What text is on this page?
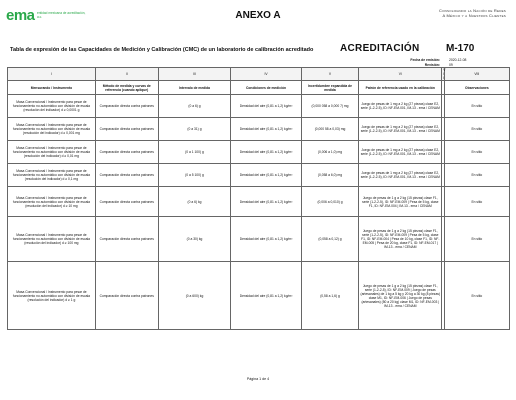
ema entidad mexicana de acreditación, a.c.	ANEXO A	Consolidando la Nación de Redes
A México y a Nuestros Clientes
Tabla de expresión de las Capacidades de Medición y Calibración (CMC) de un laboratorio de calibración acreditado	ACREDITACIÓN	M-170
Fecha de emisión:
Revisión:
2020-12-08
09
I	II	III	IV	V	VI	VII	VIII
Mensurando / Instrumento	Método de medida y curvas de referencia (cuando aplique)	Intervalo de medida	Condiciones de medición	Incertidumbre expandida de medida	Patrón de referencia usado en la calibración		Observaciones
Masa Convencional / Instrumento para pesar de funcionamiento no automático con división de escala (resolución del indicador) d ≥ 0,0001 g	Comparación directa contra patrones	(0 a 6) g	Densidad del aire (0,81 a 1,2) kg/m³	(0,000 058 a 0,000 7) mg	Juego de pesas de 1 mg a 2 kg (27 piezas) clase E2, serie (1-2-2-5), ID: NF-EM-001, IM-13 - ema / CENAM		En sitio
Masa Convencional / Instrumento para pesar de funcionamiento no automático con división de escala (resolución del indicador) d ≥ 0,001 mg	Comparación directa contra patrones	(0 a 31) g	Densidad del aire (0,81 a 1,2) kg/m³	(0,000 58 a 0,03) mg	Juego de pesas de 1 mg a 2 kg (27 piezas) clase E2, serie (1-2-2-5), ID: NF-EM-001, IM-13 - ema / CENAM		En sitio
Masa Convencional / Instrumento para pesar de funcionamiento no automático con división de escala (resolución del indicador) d ≥ 0,01 mg	Comparación directa contra patrones	(0 a 1 100) g	Densidad del aire (0,81 a 1,2) kg/m³	(0,006 a 1,0) mg	Juego de pesas de 1 mg a 2 kg (27 piezas) clase E2, serie (1-2-2-5), ID: NF-EM-001, IM-13 - ema / CENAM		En sitio
Masa Convencional / Instrumento para pesar de funcionamiento no automático con división de escala (resolución del indicador) d ≥ 0,1 mg	Comparación directa contra patrones	(0 a 5 100) g	Densidad del aire (0,81 a 1,2) kg/m³	(0,058 a 6,0) mg	Juego de pesas de 1 mg a 2 kg (27 piezas) clase E2, serie (1-2-2-5), ID: NF-EM-001, IM-13 - ema / CENAM		En sitio
Masa Convencional / Instrumento para pesar de funcionamiento no automático con división de escala (resolución del indicador) d ≥ 10 mg	Comparación directa contra patrones	(0 a 6) kg	Densidad del aire (0,81 a 1,2) kg/m³	(0,006 a 0,010) g	Juego de pesas de 1 g a 2 kg (15 piezas) clase F1, serie (1-2-2-5), ID: NF-EM-009 | Pesa de 5 kg, clase F1, ID: NF-EM-004 | IM-13 - ema / CENAM		En sitio
Masa Convencional / Instrumento para pesar de funcionamiento no automático con división de escala (resolución del indicador) d ≥ 100 mg	Comparación directa contra patrones	(0 a 30) kg	Densidad del aire (0,81 a 1,2) kg/m³	(0,058 a 0,12) g	Juego de pesas de 1 g a 2 kg (15 piezas) clase F1, serie (1-2-2-5), ID: NF-EM-009 | Pesa de 5 kg, clase F1, ID: NF-EM-004 | Pesa de 10 kg, clase F1, ID: NF-EM-005 | Pesa de 20 kg, clase F1, ID: NF-EM-017 | IM-13 - ema / CENAM		En sitio
Masa Convencional / Instrumento para pesar de funcionamiento no automático con división de escala (resolución del indicador) d ≥ 1 g	Comparación directa contra patrones	(0 a 600) kg	Densidad del aire (0,81 a 1,2) kg/m³	(0,58 a 1,6) g	Juego de pesas de 1 g a 2 kg (15 piezas) clase F1, serie (1-2-2-5), ID: NF-EM-009 | Juego de pesas (artesanales) de 1 kg a 5 kg y 20 kg a 30 kg (8 piezas) clase M1, ID: NF-EM-006 | Juego de pesas (artesanales) (50 a 20 kg) clase M1, ID: NF-EM-003 | IM-13 - ema / CENAM		En sitio
Página 1 de 4
